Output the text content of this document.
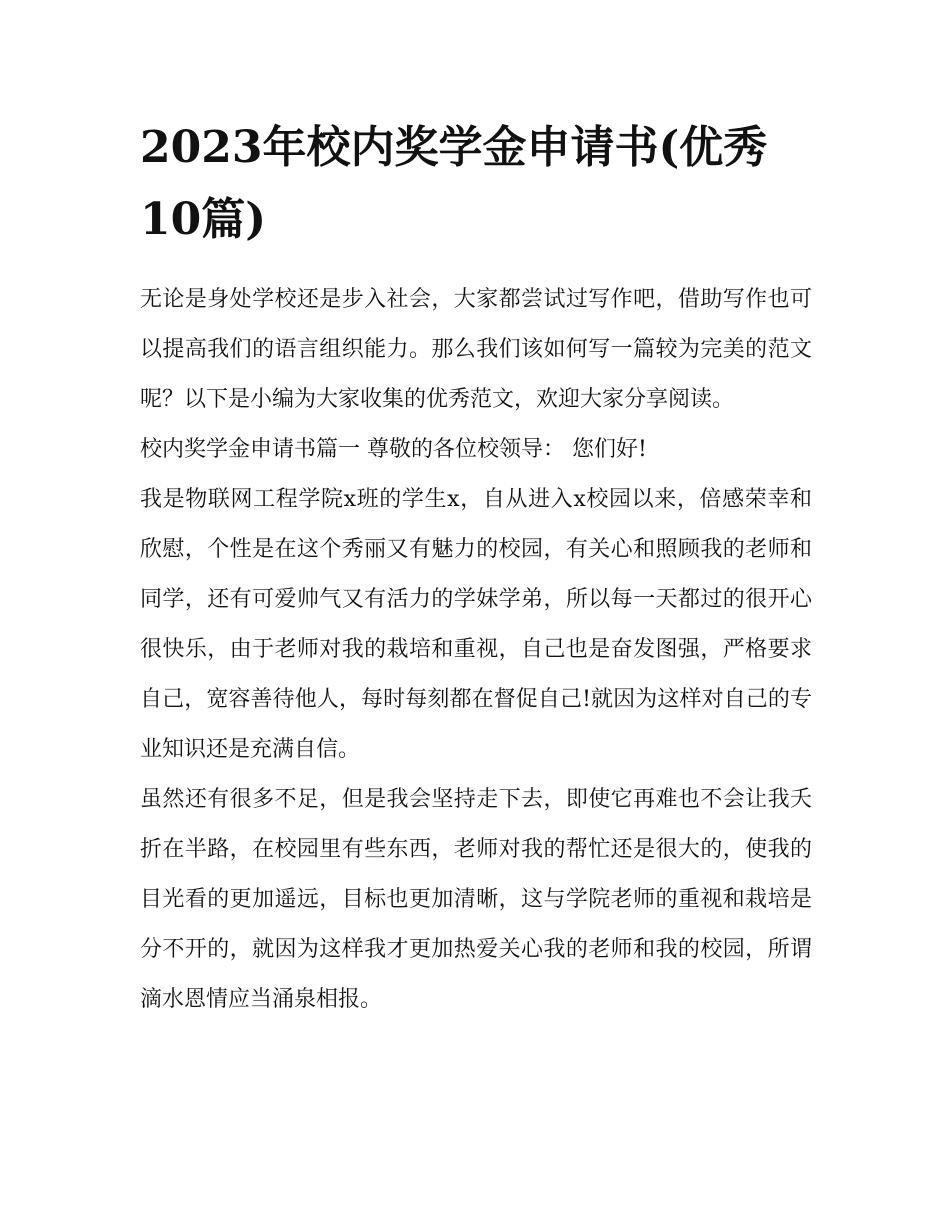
2023年校内奖学金申请书(优秀10篇)

无论是身处学校还是步入社会，大家都尝试过写作吧，借助写作也可以提高我们的语言组织能力。那么我们该如何写一篇较为完美的范文呢？以下是小编为大家收集的优秀范文，欢迎大家分享阅读。

校内奖学金申请书篇一 尊敬的各位校领导： 您们好!

我是物联网工程学院x班的学生x，自从进入x校园以来，倍感荣幸和欣慰，个性是在这个秀丽又有魅力的校园，有关心和照顾我的老师和同学，还有可爱帅气又有活力的学妹学弟，所以每一天都过的很开心很快乐，由于老师对我的栽培和重视，自己也是奋发图强，严格要求自己，宽容善待他人，每时每刻都在督促自己!就因为这样对自己的专业知识还是充满自信。

虽然还有很多不足，但是我会坚持走下去，即使它再难也不会让我夭折在半路，在校园里有些东西，老师对我的帮忙还是很大的，使我的目光看的更加遥远，目标也更加清晰，这与学院老师的重视和栽培是分不开的，就因为这样我才更加热爱关心我的老师和我的校园，所谓滴水恩情应当涌泉相报。
